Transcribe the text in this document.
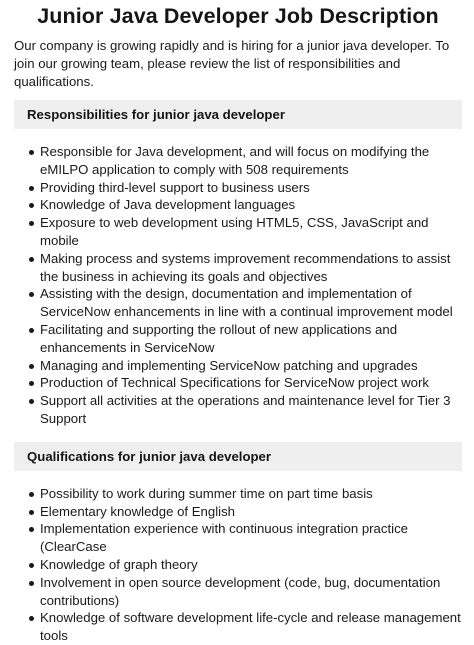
Junior Java Developer Job Description

Our company is growing rapidly and is hiring for a junior java developer. To join our growing team, please review the list of responsibilities and qualifications.

Responsibilities for junior java developer
Responsible for Java development, and will focus on modifying the eMILPO application to comply with 508 requirements
Providing third-level support to business users
Knowledge of Java development languages
Exposure to web development using HTML5, CSS, JavaScript and mobile
Making process and systems improvement recommendations to assist the business in achieving its goals and objectives
Assisting with the design, documentation and implementation of ServiceNow enhancements in line with a continual improvement model
Facilitating and supporting the rollout of new applications and enhancements in ServiceNow
Managing and implementing ServiceNow patching and upgrades
Production of Technical Specifications for ServiceNow project work
Support all activities at the operations and maintenance level for Tier 3 Support
Qualifications for junior java developer
Possibility to work during summer time on part time basis
Elementary knowledge of English
Implementation experience with continuous integration practice (ClearCase
Knowledge of graph theory
Involvement in open source development (code, bug, documentation contributions)
Knowledge of software development life-cycle and release management tools
